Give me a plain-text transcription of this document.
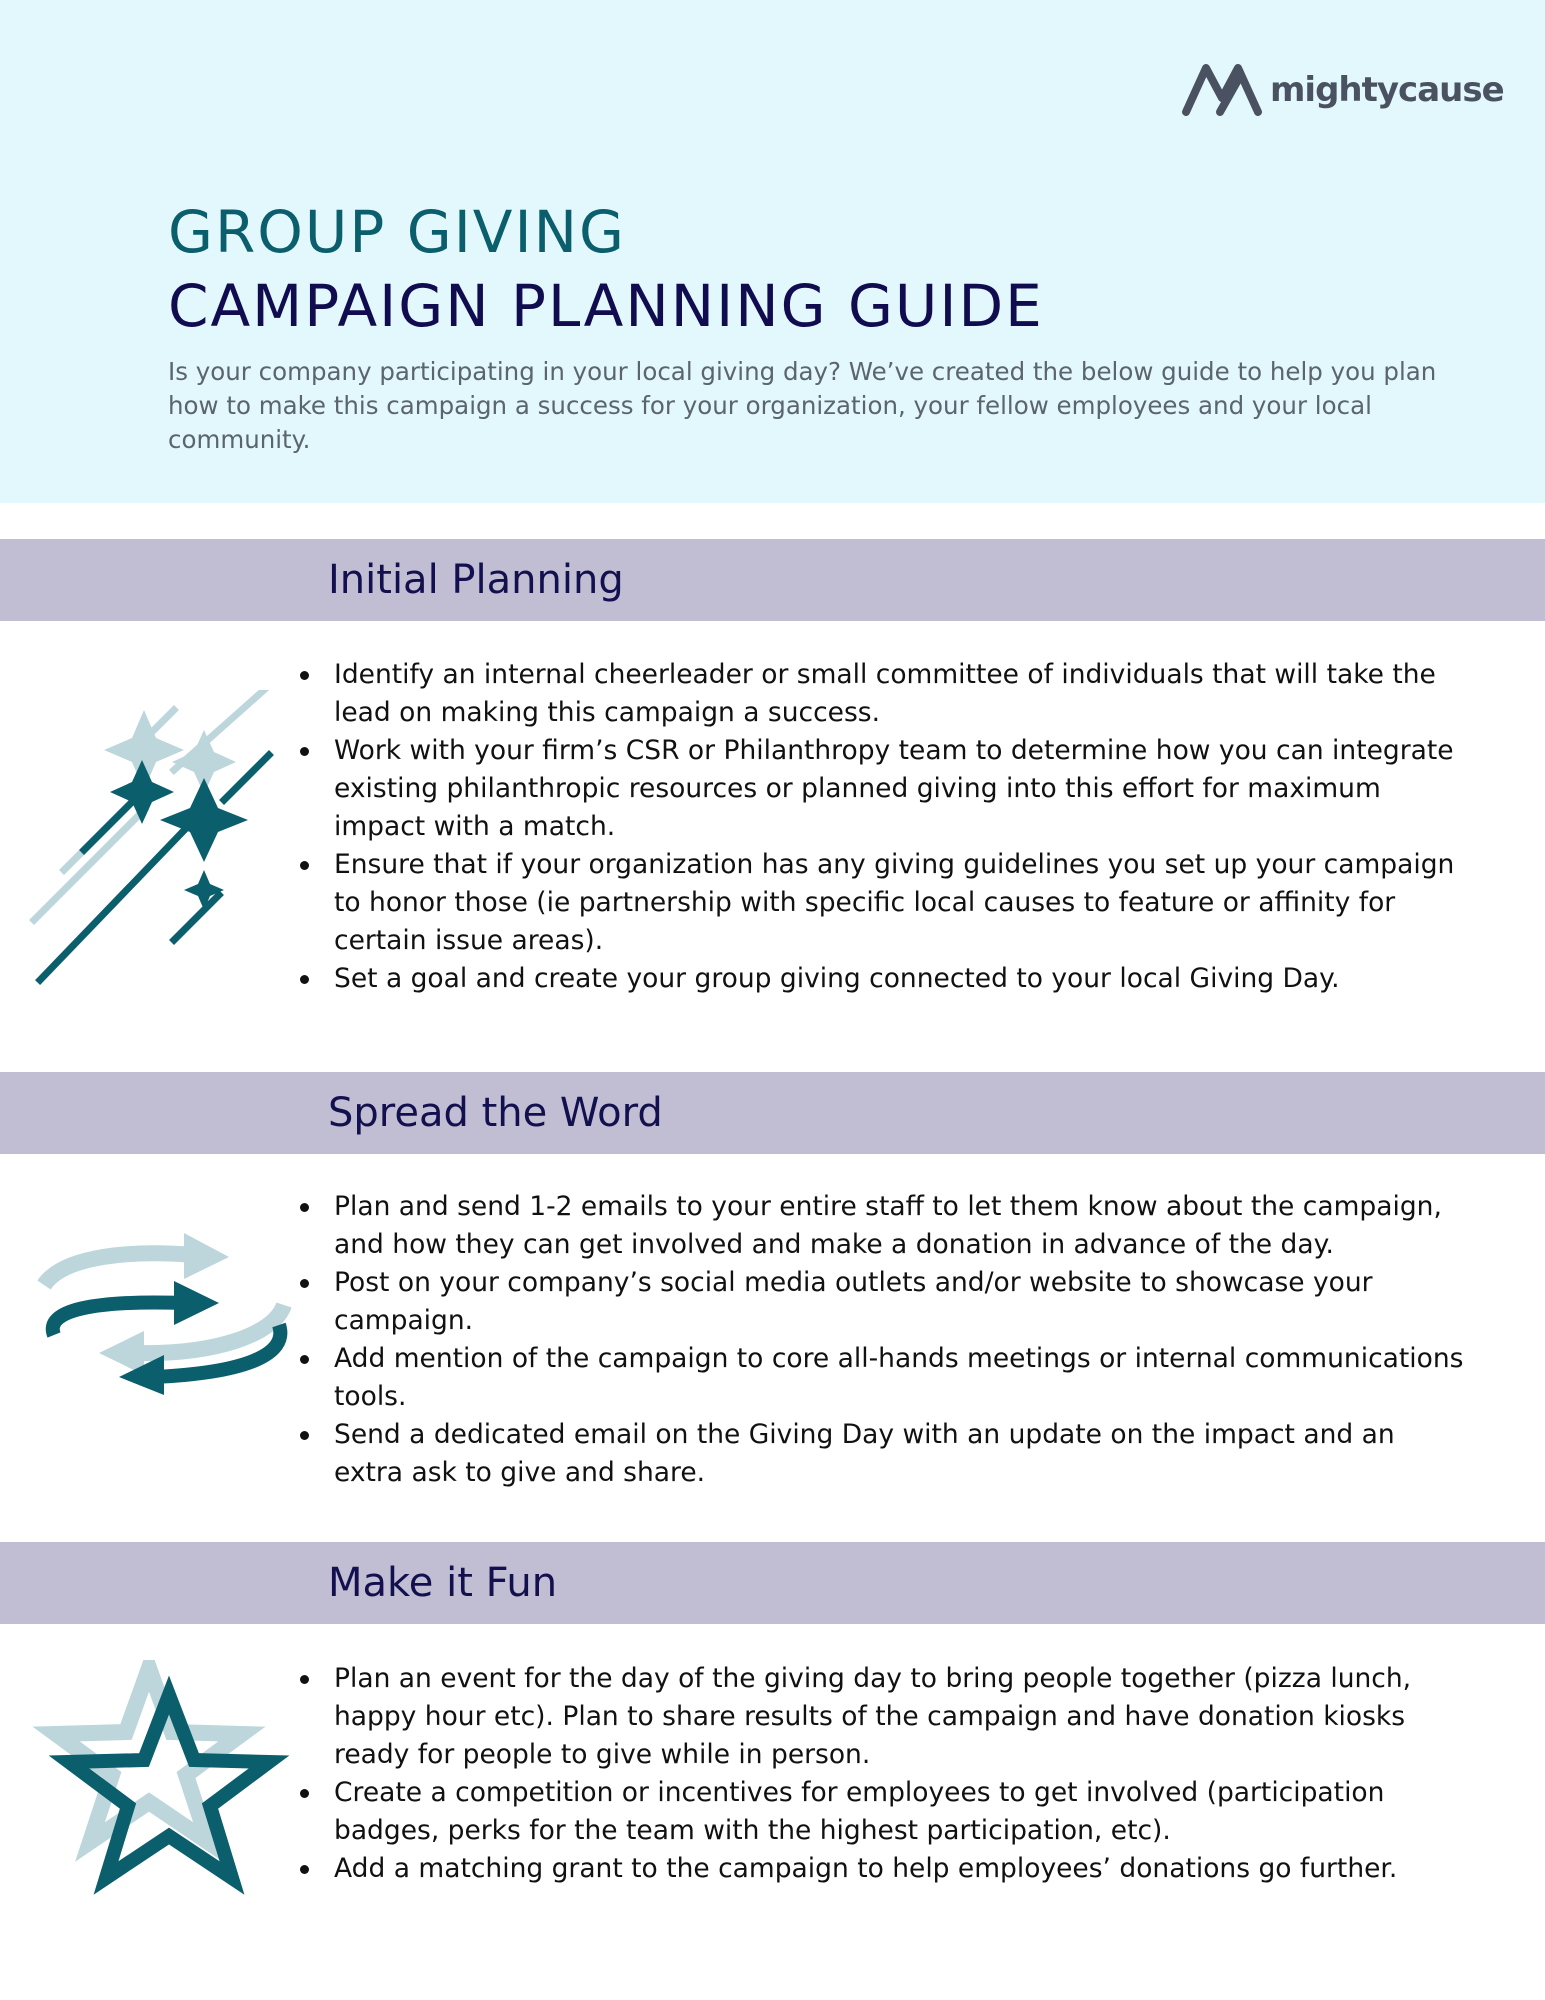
mightycause
GROUP GIVING
CAMPAIGN PLANNING GUIDE

Is your company participating in your local giving day? We’ve created the below guide to help you plan how to make this campaign a success for your organization, your fellow employees and your local community.

Initial Planning
Identify an internal cheerleader or small committee of individuals that will take the lead on making this campaign a success.
Work with your firm’s CSR or Philanthropy team to determine how you can integrate existing philanthropic resources or planned giving into this effort for maximum impact with a match.
Ensure that if your organization has any giving guidelines you set up your campaign to honor those (ie partnership with specific local causes to feature or affinity for certain issue areas).
Set a goal and create your group giving connected to your local Giving Day.
Spread the Word
Plan and send 1-2 emails to your entire staff to let them know about the campaign, and how they can get involved and make a donation in advance of the day.
Post on your company’s social media outlets and/or website to showcase your campaign.
Add mention of the campaign to core all-hands meetings or internal communications tools.
Send a dedicated email on the Giving Day with an update on the impact and an extra ask to give and share.
Make it Fun
Plan an event for the day of the giving day to bring people together (pizza lunch, happy hour etc). Plan to share results of the campaign and have donation kiosks ready for people to give while in person.
Create a competition or incentives for employees to get involved (participation badges, perks for the team with the highest participation, etc).
Add a matching grant to the campaign to help employees’ donations go further.
